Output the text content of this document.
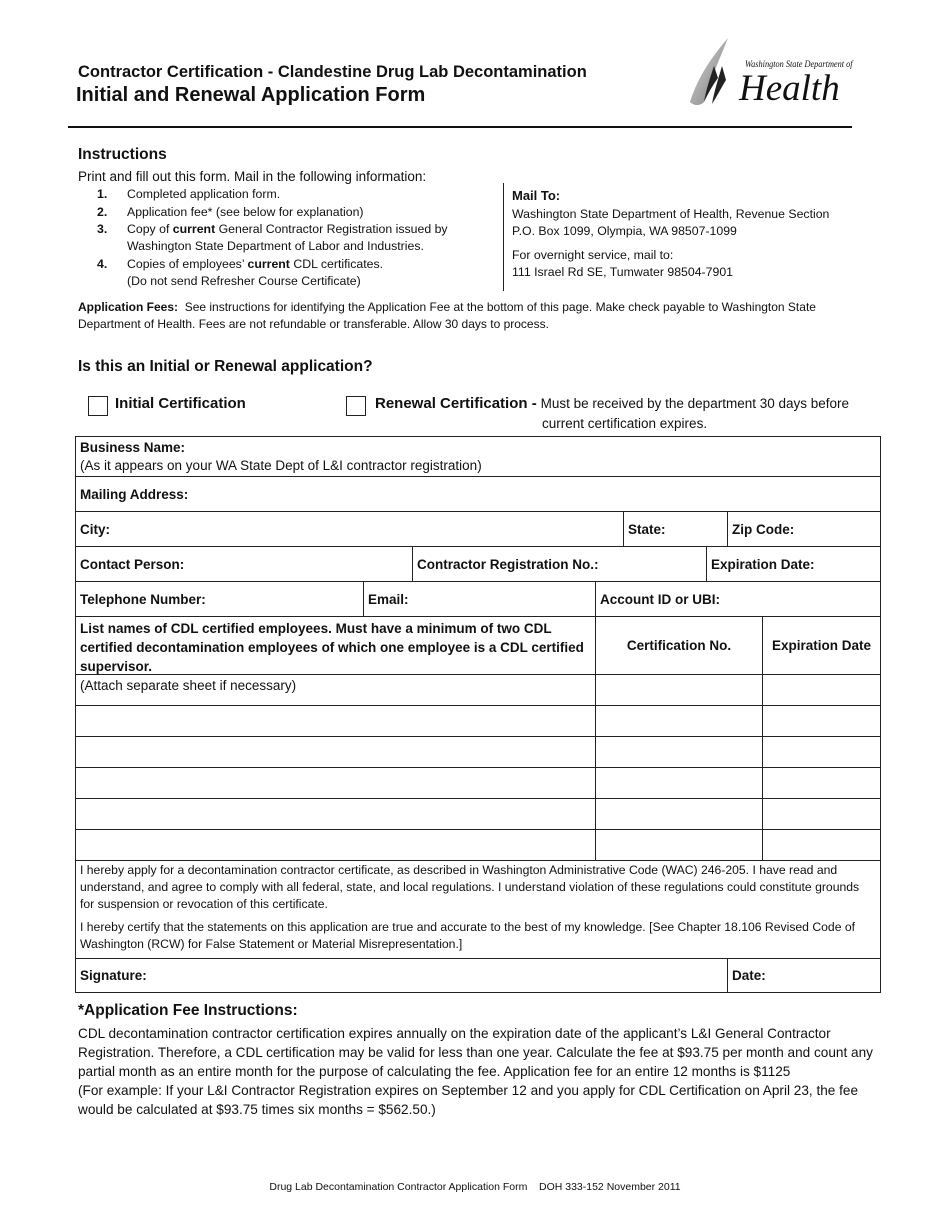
Contractor Certification - Clandestine Drug Lab Decontamination
Initial and Renewal Application Form
Washington State Department of
Health
Instructions
Print and fill out this form. Mail in the following information:
1.	Completed application form.
2.	Application fee* (see below for explanation)
3.	Copy of current General Contractor Registration issued by Washington State Department of Labor and Industries.
4.	Copies of employees’ current CDL certificates.
(Do not send Refresher Course Certificate)
Mail To:
Washington State Department of Health, Revenue Section
P.O. Box 1099, Olympia, WA 98507-1099
For overnight service, mail to:
111 Israel Rd SE, Tumwater 98504-7901
Application Fees: See instructions for identifying the Application Fee at the bottom of this page. Make check payable to Washington State Department of Health. Fees are not refundable or transferable. Allow 30 days to process.
Is this an Initial or Renewal application?
Initial Certification	Renewal Certification - Must be received by the department 30 days before
current certification expires.
Business Name:
(As it appears on your WA State Dept of L&I contractor registration)
Mailing Address:
City:	State:	Zip Code:
Contact Person:	Contractor Registration No.:	Expiration Date:
Telephone Number:	Email:	Account ID or UBI:
List names of CDL certified employees. Must have a minimum of two CDL certified decontamination employees of which one employee is a CDL certified supervisor.
(Attach separate sheet if necessary)
Certification No.	Expiration Date
I hereby apply for a decontamination contractor certificate, as described in Washington Administrative Code (WAC) 246-205. I have read and understand, and agree to comply with all federal, state, and local regulations. I understand violation of these regulations could constitute grounds for suspension or revocation of this certificate.
I hereby certify that the statements on this application are true and accurate to the best of my knowledge. [See Chapter 18.106 Revised Code of Washington (RCW) for False Statement or Material Misrepresentation.]
Signature:	Date:
*Application Fee Instructions:
CDL decontamination contractor certification expires annually on the expiration date of the applicant’s L&I General Contractor Registration. Therefore, a CDL certification may be valid for less than one year. Calculate the fee at $93.75 per month and count any partial month as an entire month for the purpose of calculating the fee. Application fee for an entire 12 months is $1125
(For example: If your L&I Contractor Registration expires on September 12 and you apply for CDL Certification on April 23, the fee would be calculated at $93.75 times six months = $562.50.)
Drug Lab Decontamination Contractor Application Form    DOH 333-152 November 2011
